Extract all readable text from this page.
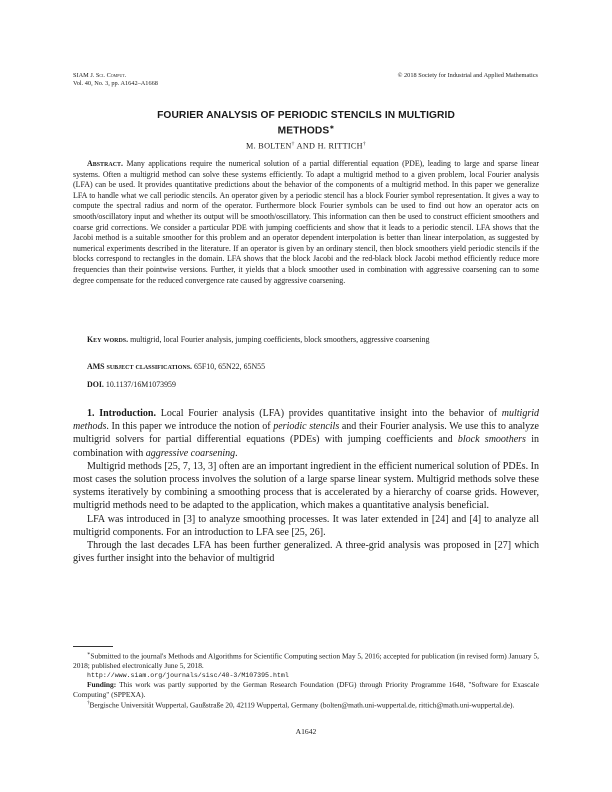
SIAM J. Sci. Comput.
Vol. 40, No. 3, pp. A1642–A1668
© 2018 Society for Industrial and Applied Mathematics
FOURIER ANALYSIS OF PERIODIC STENCILS IN MULTIGRID
METHODS∗
M. BOLTEN† AND H. RITTICH†

Abstract. Many applications require the numerical solution of a partial differential equation (PDE), leading to large and sparse linear systems. Often a multigrid method can solve these systems efficiently. To adapt a multigrid method to a given problem, local Fourier analysis (LFA) can be used. It provides quantitative predictions about the behavior of the components of a multigrid method. In this paper we generalize LFA to handle what we call periodic stencils. An operator given by a periodic stencil has a block Fourier symbol representation. It gives a way to compute the spectral radius and norm of the operator. Furthermore block Fourier symbols can be used to find out how an operator acts on smooth/oscillatory input and whether its output will be smooth/oscillatory. This information can then be used to construct efficient smoothers and coarse grid corrections. We consider a particular PDE with jumping coefficients and show that it leads to a periodic stencil. LFA shows that the Jacobi method is a suitable smoother for this problem and an operator dependent interpolation is better than linear interpolation, as suggested by numerical experiments described in the literature. If an operator is given by an ordinary stencil, then block smoothers yield periodic stencils if the blocks correspond to rectangles in the domain. LFA shows that the block Jacobi and the red-black block Jacobi method efficiently reduce more frequencies than their pointwise versions. Further, it yields that a block smoother used in combination with aggressive coarsening can to some degree compensate for the reduced convergence rate caused by aggressive coarsening.

Key words. multigrid, local Fourier analysis, jumping coefficients, block smoothers, aggressive coarsening

AMS subject classifications. 65F10, 65N22, 65N55

DOI. 10.1137/16M1073959

1. Introduction. Local Fourier analysis (LFA) provides quantitative insight into the behavior of multigrid methods. In this paper we introduce the notion of periodic stencils and their Fourier analysis. We use this to analyze multigrid solvers for partial differential equations (PDEs) with jumping coefficients and block smoothers in combination with aggressive coarsening.

Multigrid methods [25, 7, 13, 3] often are an important ingredient in the efficient numerical solution of PDEs. In most cases the solution process involves the solution of a large sparse linear system. Multigrid methods solve these systems iteratively by combining a smoothing process that is accelerated by a hierarchy of coarse grids. However, multigrid methods need to be adapted to the application, which makes a quantitative analysis beneficial.

LFA was introduced in [3] to analyze smoothing processes. It was later extended in [24] and [4] to analyze all multigrid components. For an introduction to LFA see [25, 26].

Through the last decades LFA has been further generalized. A three-grid analysis was proposed in [27] which gives further insight into the behavior of multigrid

∗Submitted to the journal's Methods and Algorithms for Scientific Computing section May 5, 2016; accepted for publication (in revised form) January 5, 2018; published electronically June 5, 2018.

http://www.siam.org/journals/sisc/40-3/M107395.html

Funding: This work was partly supported by the German Research Foundation (DFG) through Priority Programme 1648, "Software for Exascale Computing" (SPPEXA).

†Bergische Universität Wuppertal, Gaußstraße 20, 42119 Wuppertal, Germany (bolten@math.uni-wuppertal.de, rittich@math.uni-wuppertal.de).

A1642
